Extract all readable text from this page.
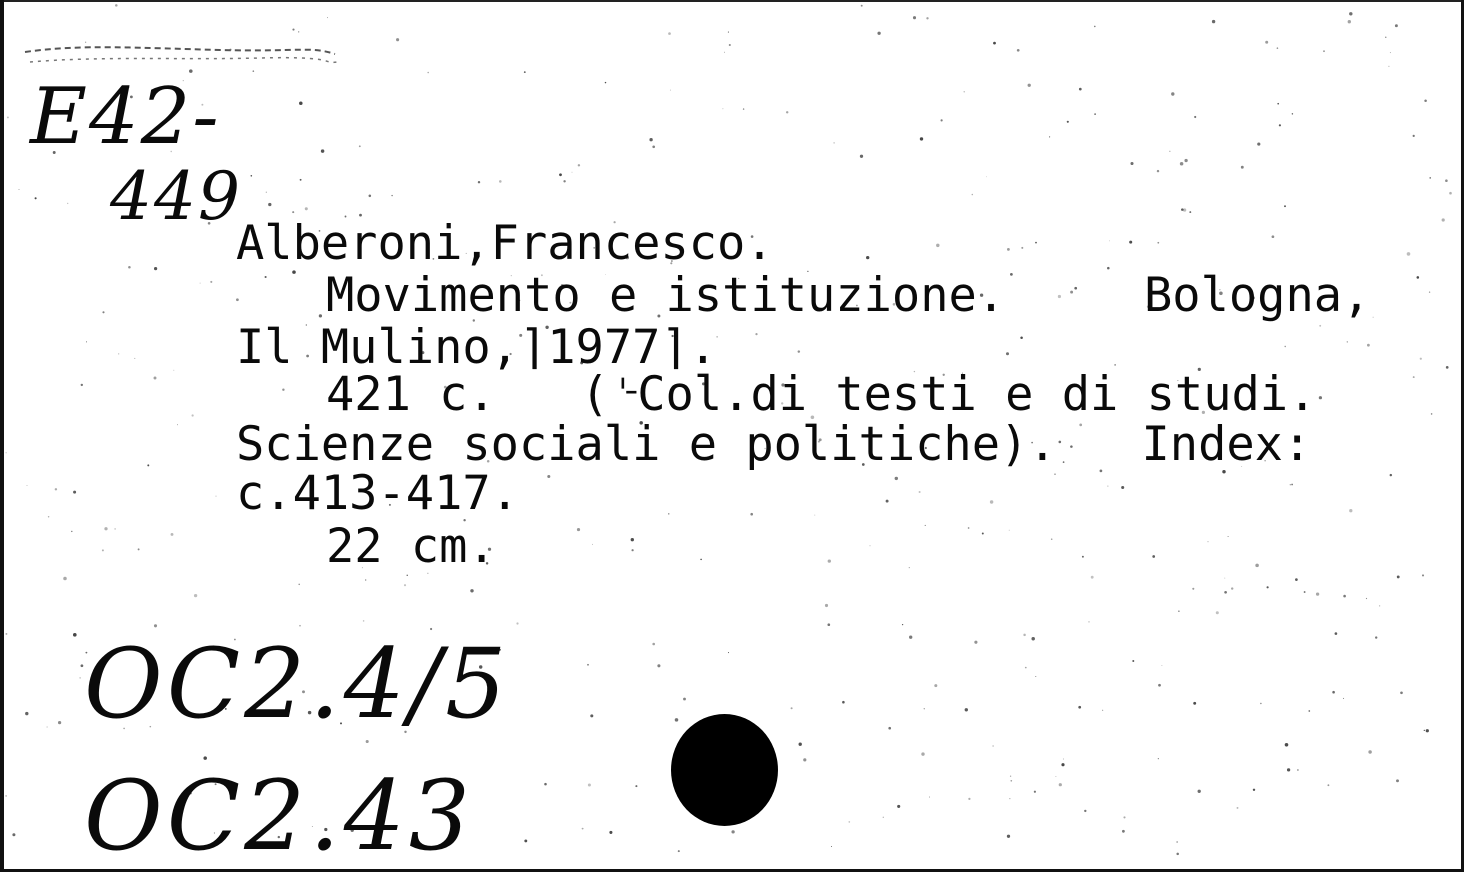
E42-
449
Alberoni,Francesco.
Movimento e istituzione.	Bologna,
Il Mulino,⌉1977⌉.
421 c.   (⌎Col.di testi e di studi.
Scienze sociali e politiche).   Index:
c.413-417.
22 cm.
OC2.4/5
OC2.43
